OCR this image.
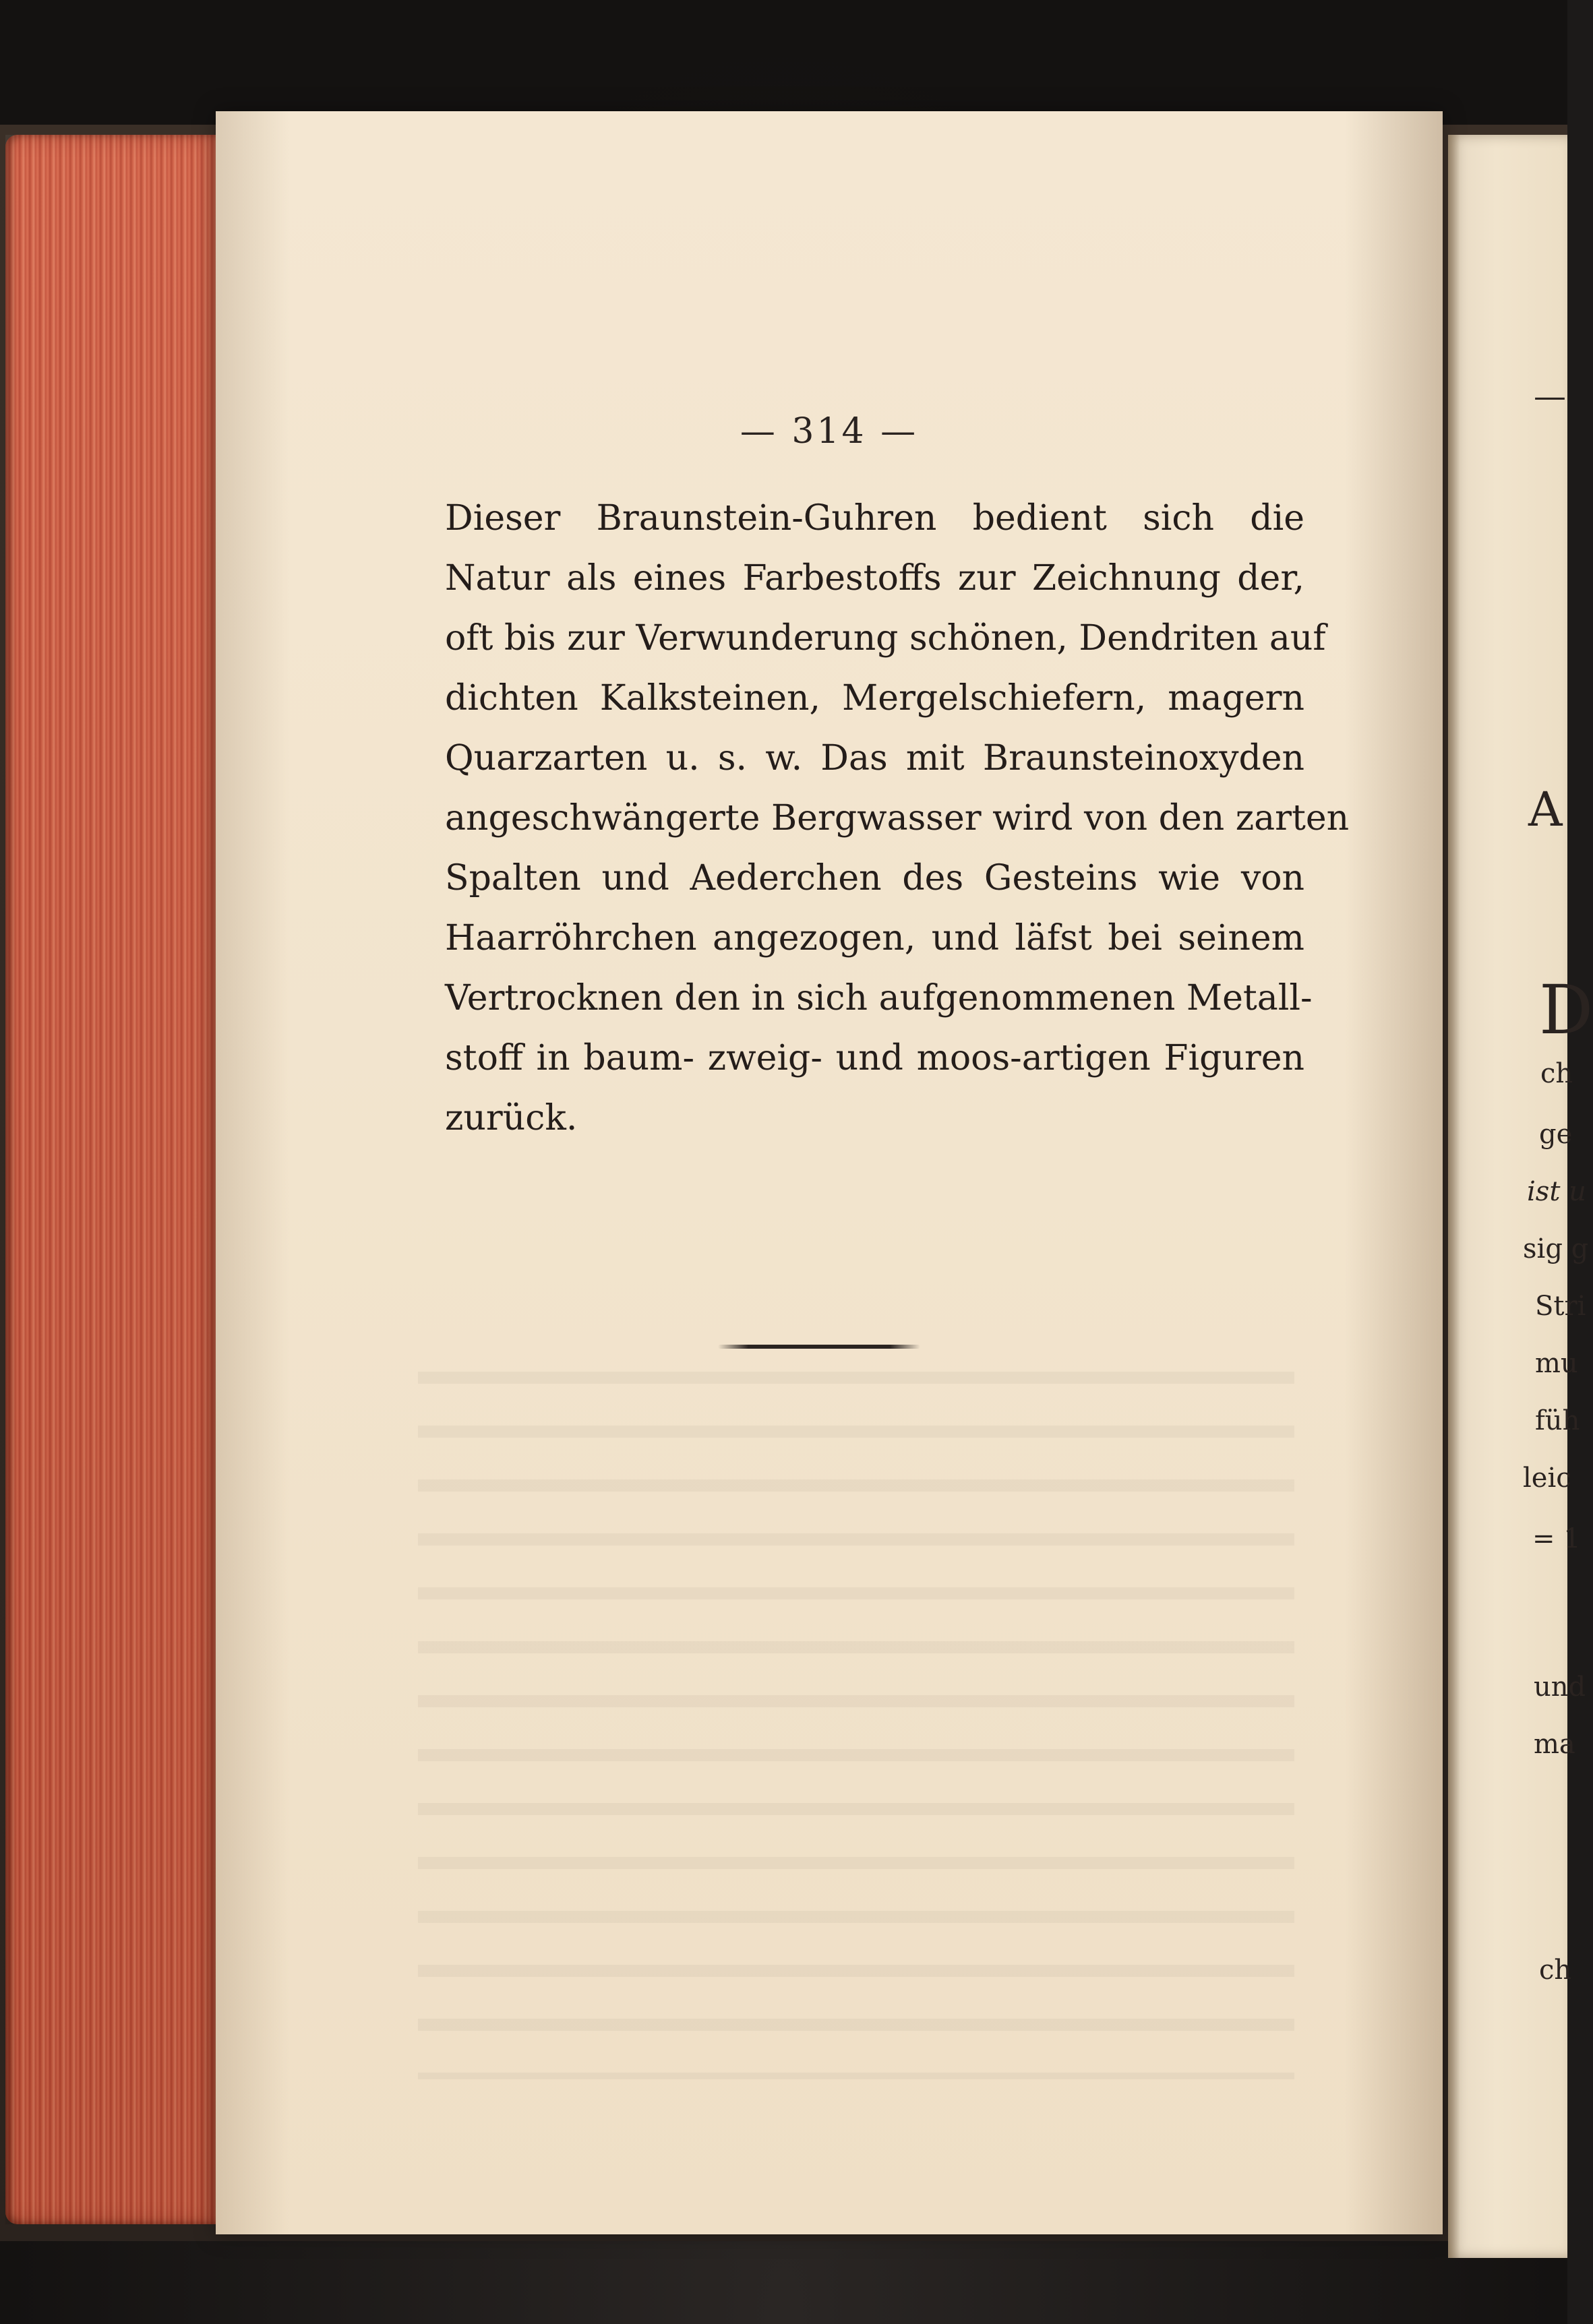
— 314 —
Dieser Braunstein-Guhren bedient sich die
Natur als eines Farbestoffs zur Zeichnung der,
oft bis zur Verwunderung schönen, Dendriten auf
dichten Kalksteinen, Mergelschiefern, magern
Quarzarten u. s. w. Das mit Braunsteinoxyden
angeschwängerte Bergwasser wird von den zarten
Spalten und Aederchen des Gesteins wie von
Haarröhrchen angezogen, und läfst bei seinem
Vertrocknen den in sich aufgenommenen Metall-
stoff in baum- zweig- und moos-artigen Figuren
zurück.
—
A
D
ch
ge
ist u
sig g
Stri
mu
füh
leic
= 1
und
ma
ch
